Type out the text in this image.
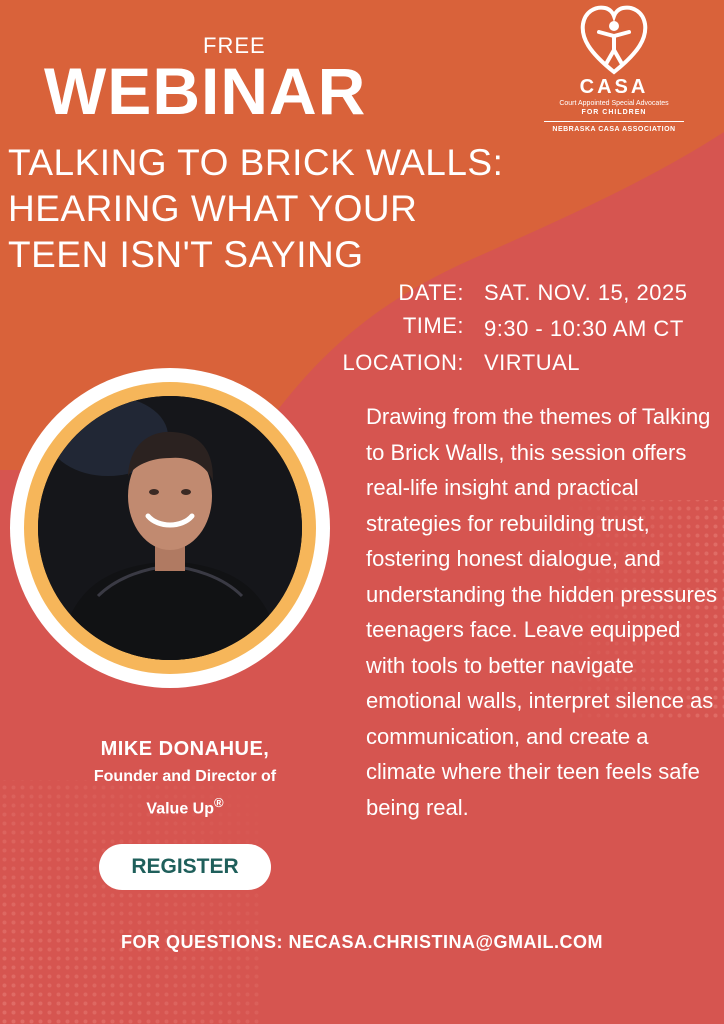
CASA
Court Appointed Special Advocates
FOR CHILDREN
NEBRASKA CASA ASSOCIATION
FREE
WEBINAR
TALKING TO BRICK WALLS:
HEARING WHAT YOUR
TEEN ISN'T SAYING
DATE: SAT. NOV. 15, 2025
TIME: 9:30 - 10:30 AM CT
LOCATION: VIRTUAL
Drawing from the themes of Talking to Brick Walls, this session offers real-life insight and practical strategies for rebuilding trust, fostering honest dialogue, and understanding the hidden pressures teenagers face. Leave equipped with tools to better navigate emotional walls, interpret silence as communication, and create a climate where their teen feels safe being real.
MIKE DONAHUE,
Founder and Director of
Value Up®
REGISTER
FOR QUESTIONS: NECASA.CHRISTINA@GMAIL.COM
